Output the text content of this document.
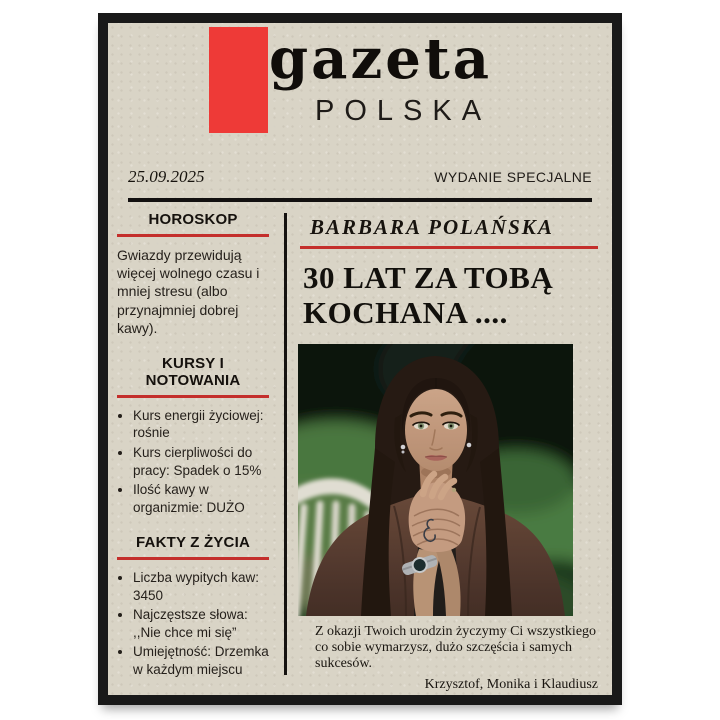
gazeta
POLSKA
25.09.2025	WYDANIE SPECJALNE
HOROSKOP

Gwiazdy przewidują więcej wolnego czasu i mniej stresu (albo przynajmniej dobrej kawy).

KURSY I NOTOWANIA
• Kurs energii życiowej: rośnie
• Kurs cierpliwości do pracy: Spadek o 15%
• Ilość kawy w organizmie: DUŻO
FAKTY Z ŻYCIA
• Liczba wypitych kaw: 3450
• Najczęstsze słowa: ,,Nie chce mi się”
• Umiejętność: Drzemka w każdym miejscu
BARBARA POLAŃSKA
30 LAT ZA TOBĄ
KOCHANA ....

Z okazji Twoich urodzin życzymy Ci wszystkiego co sobie wymarzysz, dużo szczęścia i samych sukcesów.

Krzysztof, Monika i Klaudiusz
